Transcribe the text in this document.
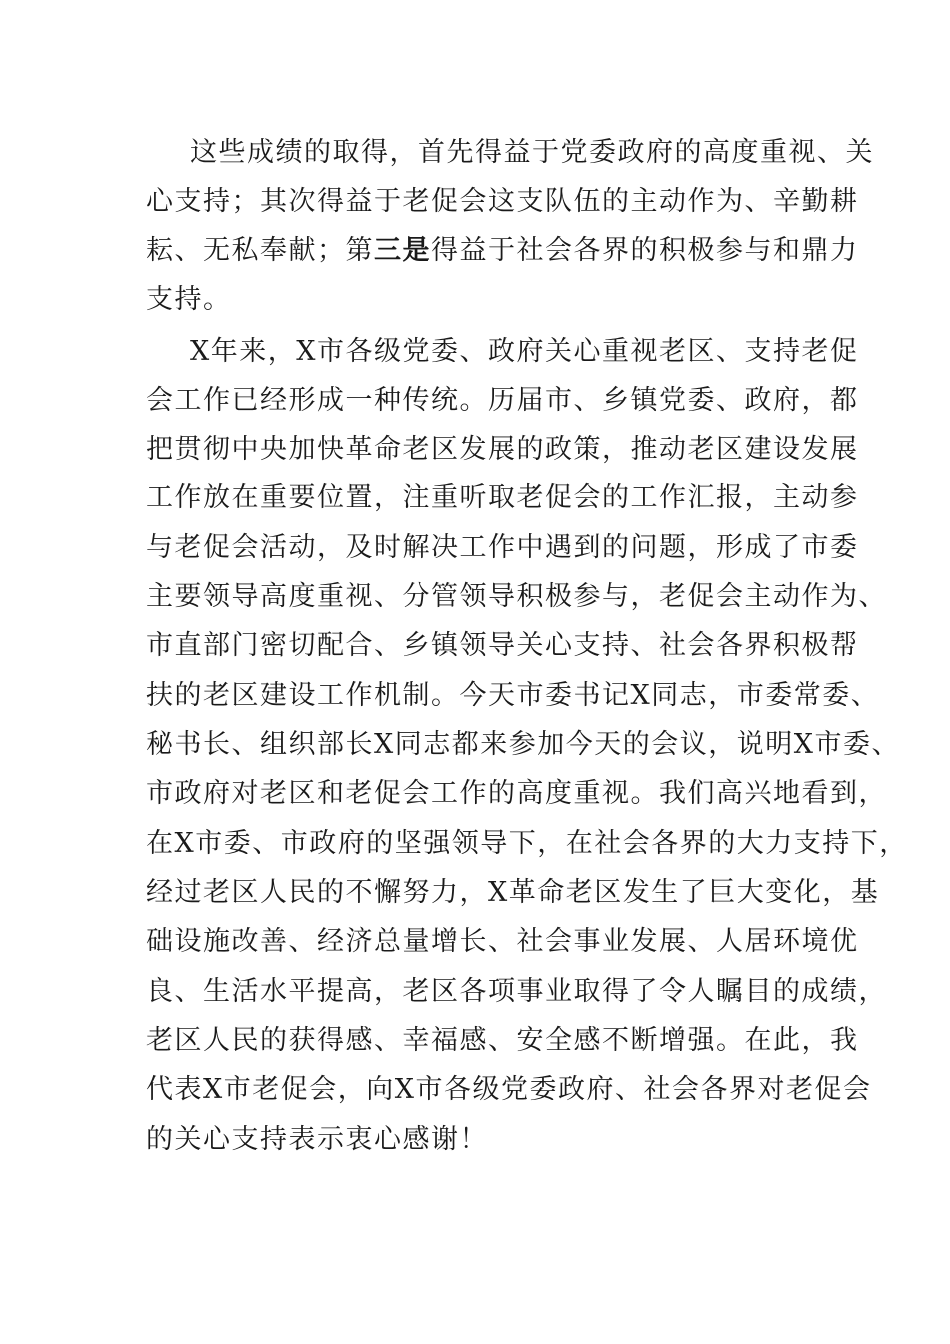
这些成绩的取得，首先得益于党委政府的高度重视、关
心支持；其次得益于老促会这支队伍的主动作为、辛勤耕
耘、无私奉献；第三是得益于社会各界的积极参与和鼎力
支持。
X年来，X市各级党委、政府关心重视老区、支持老促
会工作已经形成一种传统。历届市、乡镇党委、政府，都
把贯彻中央加快革命老区发展的政策，推动老区建设发展
工作放在重要位置，注重听取老促会的工作汇报，主动参
与老促会活动，及时解决工作中遇到的问题，形成了市委
主要领导高度重视、分管领导积极参与，老促会主动作为、
市直部门密切配合、乡镇领导关心支持、社会各界积极帮
扶的老区建设工作机制。今天市委书记X同志，市委常委、
秘书长、组织部长X同志都来参加今天的会议，说明X市委、
市政府对老区和老促会工作的高度重视。我们高兴地看到，
在X市委、市政府的坚强领导下，在社会各界的大力支持下，
经过老区人民的不懈努力，X革命老区发生了巨大变化，基
础设施改善、经济总量增长、社会事业发展、人居环境优
良、生活水平提高，老区各项事业取得了令人瞩目的成绩，
老区人民的获得感、幸福感、安全感不断增强。在此，我
代表X市老促会，向X市各级党委政府、社会各界对老促会
的关心支持表示衷心感谢！
